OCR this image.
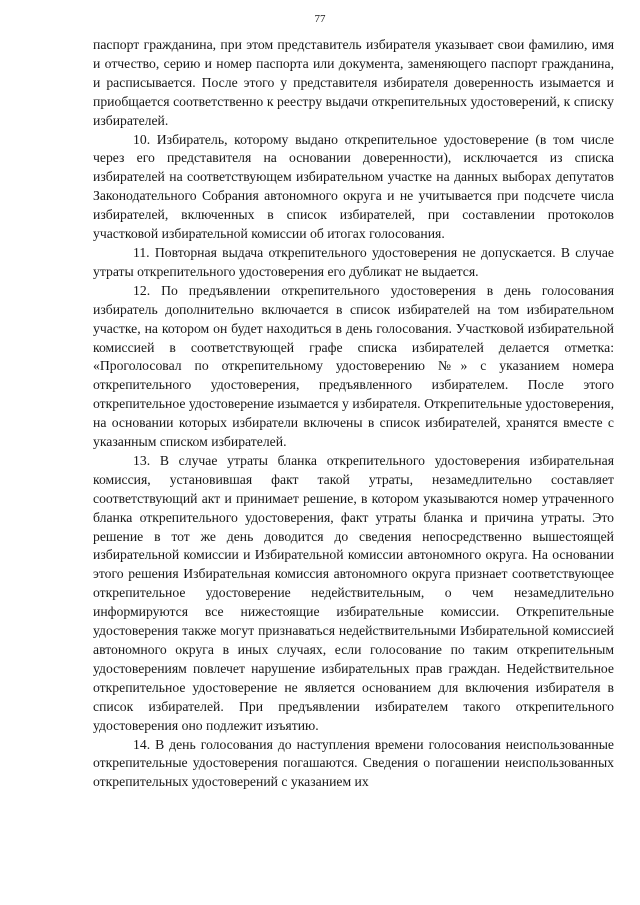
77

паспорт гражданина, при этом представитель избирателя указывает свои фамилию, имя и отчество, серию и номер паспорта или документа, заменяющего паспорт гражданина, и расписывается. После этого у представителя избирателя доверенность изымается и приобщается соответственно к реестру выдачи открепительных удостоверений, к списку избирателей.

10. Избиратель, которому выдано открепительное удостоверение (в том числе через его представителя на основании доверенности), исключается из списка избирателей на соответствующем избирательном участке на данных выборах депутатов Законодательного Собрания автономного округа и не учитывается при подсчете числа избирателей, включенных в список избирателей, при составлении протоколов участковой избирательной комиссии об итогах голосования.

11. Повторная выдача открепительного удостоверения не допускается. В случае утраты открепительного удостоверения его дубликат не выдается.

12. По предъявлении открепительного удостоверения в день голосования избиратель дополнительно включается в список избирателей на том избирательном участке, на котором он будет находиться в день голосования. Участковой избирательной комиссией в соответствующей графе списка избирателей делается отметка: «Проголосовал по открепительному удостоверению №» с указанием номера открепительного удостоверения, предъявленного избирателем. После этого открепительное удостоверение изымается у избирателя. Открепительные удостоверения, на основании которых избиратели включены в список избирателей, хранятся вместе с указанным списком избирателей.

13. В случае утраты бланка открепительного удостоверения избирательная комиссия, установившая факт такой утраты, незамедлительно составляет соответствующий акт и принимает решение, в котором указываются номер утраченного бланка открепительного удостоверения, факт утраты бланка и причина утраты. Это решение в тот же день доводится до сведения непосредственно вышестоящей избирательной комиссии и Избирательной комиссии автономного округа. На основании этого решения Избирательная комиссия автономного округа признает соответствующее открепительное удостоверение недействительным, о чем незамедлительно информируются все нижестоящие избирательные комиссии. Открепительные удостоверения также могут признаваться недействительными Избирательной комиссией автономного округа в иных случаях, если голосование по таким открепительным удостоверениям повлечет нарушение избирательных прав граждан. Недействительное открепительное удостоверение не является основанием для включения избирателя в список избирателей. При предъявлении избирателем такого открепительного удостоверения оно подлежит изъятию.

14. В день голосования до наступления времени голосования неиспользованные открепительные удостоверения погашаются. Сведения о погашении неиспользованных открепительных удостоверений с указанием их
